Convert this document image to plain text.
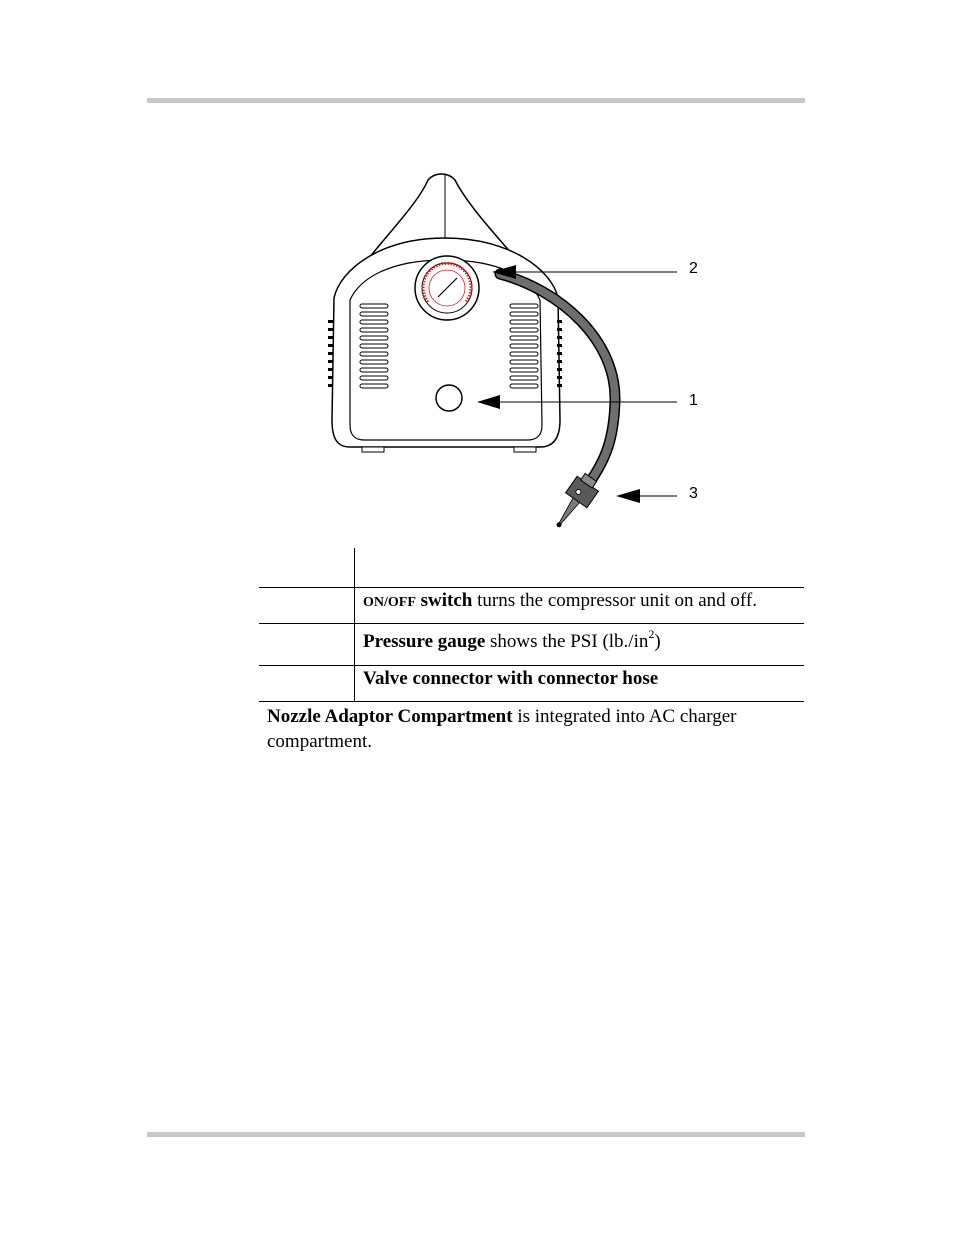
2
1
3
ON/OFF switch turns the compressor unit on and off.
Pressure gauge shows the PSI $(lb./in^2)$
Valve connector with connector hose
Nozzle Adaptor Compartment is integrated into AC charger compartment.
